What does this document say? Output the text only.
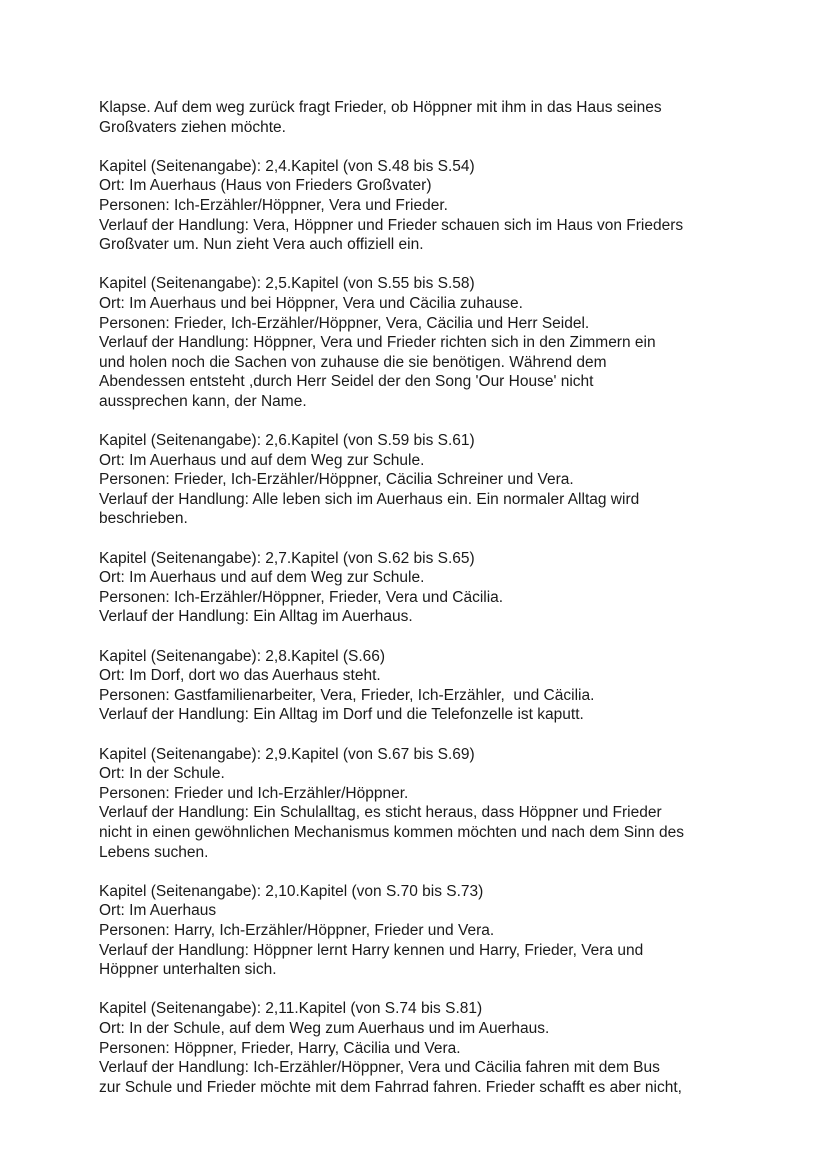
Klapse. Auf dem weg zurück fragt Frieder, ob Höppner mit ihm in das Haus seines
Großvaters ziehen möchte.

Kapitel (Seitenangabe): 2,4.Kapitel (von S.48 bis S.54)
Ort: Im Auerhaus (Haus von Frieders Großvater)
Personen: Ich-Erzähler/Höppner, Vera und Frieder.
Verlauf der Handlung: Vera, Höppner und Frieder schauen sich im Haus von Frieders
Großvater um. Nun zieht Vera auch offiziell ein.

Kapitel (Seitenangabe): 2,5.Kapitel (von S.55 bis S.58)
Ort: Im Auerhaus und bei Höppner, Vera und Cäcilia zuhause.
Personen: Frieder, Ich-Erzähler/Höppner, Vera, Cäcilia und Herr Seidel.
Verlauf der Handlung: Höppner, Vera und Frieder richten sich in den Zimmern ein
und holen noch die Sachen von zuhause die sie benötigen. Während dem
Abendessen entsteht ,durch Herr Seidel der den Song 'Our House' nicht
aussprechen kann, der Name.

Kapitel (Seitenangabe): 2,6.Kapitel (von S.59 bis S.61)
Ort: Im Auerhaus und auf dem Weg zur Schule.
Personen: Frieder, Ich-Erzähler/Höppner, Cäcilia Schreiner und Vera.
Verlauf der Handlung: Alle leben sich im Auerhaus ein. Ein normaler Alltag wird
beschrieben.

Kapitel (Seitenangabe): 2,7.Kapitel (von S.62 bis S.65)
Ort: Im Auerhaus und auf dem Weg zur Schule.
Personen: Ich-Erzähler/Höppner, Frieder, Vera und Cäcilia.
Verlauf der Handlung: Ein Alltag im Auerhaus.

Kapitel (Seitenangabe): 2,8.Kapitel (S.66)
Ort: Im Dorf, dort wo das Auerhaus steht.
Personen: Gastfamilienarbeiter, Vera, Frieder, Ich-Erzähler,  und Cäcilia.
Verlauf der Handlung: Ein Alltag im Dorf und die Telefonzelle ist kaputt.

Kapitel (Seitenangabe): 2,9.Kapitel (von S.67 bis S.69)
Ort: In der Schule.
Personen: Frieder und Ich-Erzähler/Höppner.
Verlauf der Handlung: Ein Schulalltag, es sticht heraus, dass Höppner und Frieder
nicht in einen gewöhnlichen Mechanismus kommen möchten und nach dem Sinn des
Lebens suchen.

Kapitel (Seitenangabe): 2,10.Kapitel (von S.70 bis S.73)
Ort: Im Auerhaus
Personen: Harry, Ich-Erzähler/Höppner, Frieder und Vera.
Verlauf der Handlung: Höppner lernt Harry kennen und Harry, Frieder, Vera und
Höppner unterhalten sich.

Kapitel (Seitenangabe): 2,11.Kapitel (von S.74 bis S.81)
Ort: In der Schule, auf dem Weg zum Auerhaus und im Auerhaus.
Personen: Höppner, Frieder, Harry, Cäcilia und Vera.
Verlauf der Handlung: Ich-Erzähler/Höppner, Vera und Cäcilia fahren mit dem Bus
zur Schule und Frieder möchte mit dem Fahrrad fahren. Frieder schafft es aber nicht,
